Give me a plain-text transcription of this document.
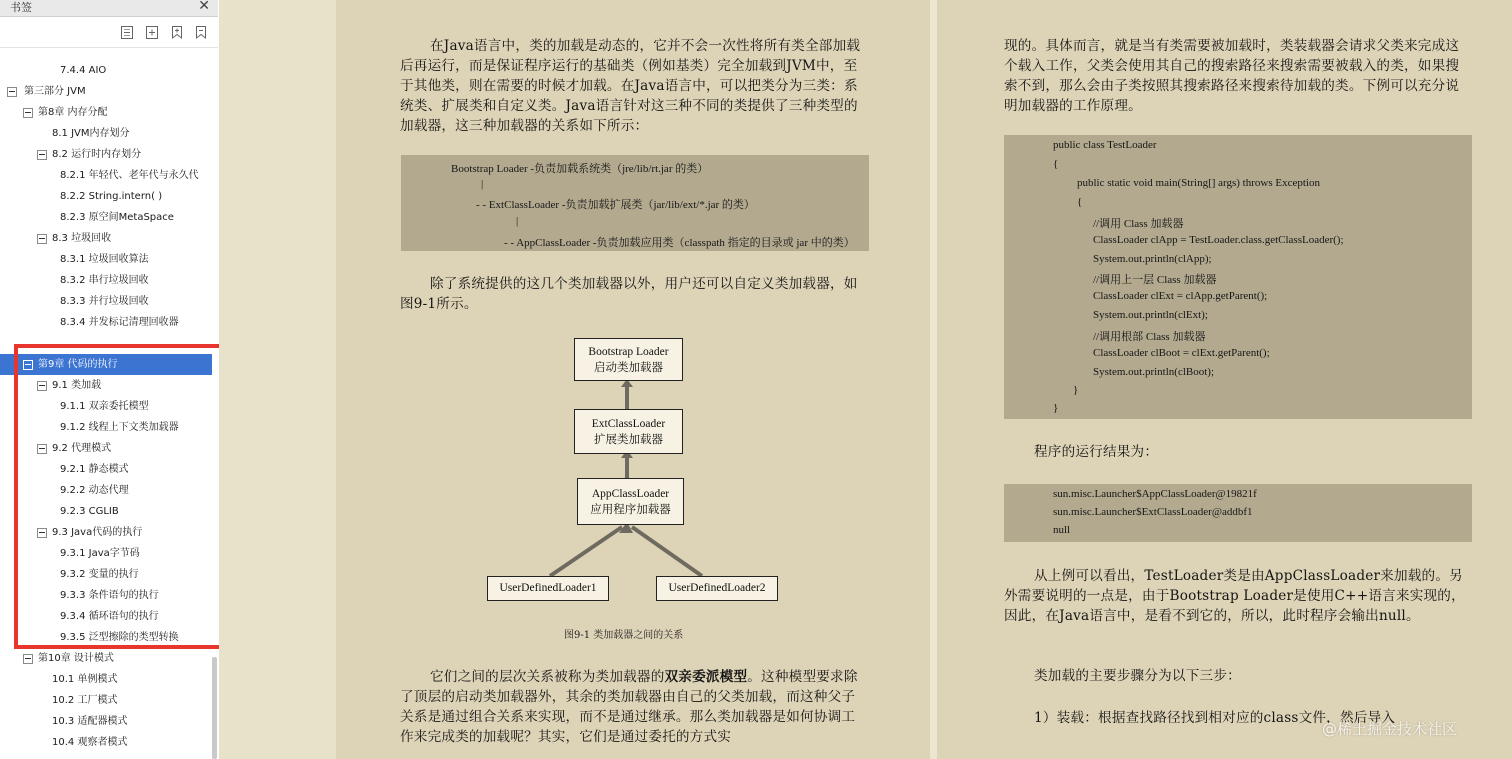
书签	✕
7.4.4 AIO
第三部分 JVM
第8章 内存分配
8.1 JVM内存划分
8.2 运行时内存划分
8.2.1 年轻代、老年代与永久代
8.2.2 String.intern( )
8.2.3 原空间MetaSpace
8.3 垃圾回收
8.3.1 垃圾回收算法
8.3.2 串行垃圾回收
8.3.3 并行垃圾回收
8.3.4 并发标记清理回收器
第9章 代码的执行
9.1 类加载
9.1.1 双亲委托模型
9.1.2 线程上下文类加载器
9.2 代理模式
9.2.1 静态模式
9.2.2 动态代理
9.2.3 CGLIB
9.3 Java代码的执行
9.3.1 Java字节码
9.3.2 变量的执行
9.3.3 条件语句的执行
9.3.4 循环语句的执行
9.3.5 泛型擦除的类型转换
第10章 设计模式
10.1 单例模式
10.2 工厂模式
10.3 适配器模式
10.4 观察者模式
在Java语言中，类的加载是动态的，它并不会一次性将所有类全部加载后再运行，而是保证程序运行的基础类（例如基类）完全加载到JVM中，至于其他类，则在需要的时候才加载。在Java语言中，可以把类分为三类：系统类、扩展类和自定义类。Java语言针对这三种不同的类提供了三种类型的加载器，这三种加载器的关系如下所示：
Bootstrap Loader -负责加载系统类（jre/lib/rt.jar 的类）
|
- - ExtClassLoader -负责加载扩展类（jar/lib/ext/*.jar 的类）
|
- - AppClassLoader -负责加载应用类（classpath 指定的目录或 jar 中的类）
除了系统提供的这几个类加载器以外，用户还可以自定义类加载器，如图9-1所示。
Bootstrap Loader
启动类加载器
ExtClassLoader
扩展类加载器
AppClassLoader
应用程序加载器
UserDefinedLoader1	UserDefinedLoader2
图9-1 类加载器之间的关系
它们之间的层次关系被称为类加载器的双亲委派模型。这种模型要求除了顶层的启动类加载器外，其余的类加载器由自己的父类加载，而这种父子关系是通过组合关系来实现，而不是通过继承。那么类加载器是如何协调工作来完成类的加载呢？其实，它们是通过委托的方式实
现的。具体而言，就是当有类需要被加载时，类装载器会请求父类来完成这个载入工作，父类会使用其自己的搜索路径来搜索需要被载入的类，如果搜索不到，那么会由子类按照其搜索路径来搜索待加载的类。下例可以充分说明加载器的工作原理。
public class TestLoader
{
public static void main(String[] args) throws Exception
{
//调用 Class 加载器
ClassLoader clApp = TestLoader.class.getClassLoader();
System.out.println(clApp);
//调用上一层 Class 加载器
ClassLoader clExt = clApp.getParent();
System.out.println(clExt);
//调用根部 Class 加载器
ClassLoader clBoot = clExt.getParent();
System.out.println(clBoot);
}
}
程序的运行结果为：
sun.misc.Launcher$AppClassLoader@19821f
sun.misc.Launcher$ExtClassLoader@addbf1
null
从上例可以看出，TestLoader类是由AppClassLoader来加载的。另外需要说明的一点是，由于Bootstrap Loader是使用C++语言来实现的，因此，在Java语言中，是看不到它的，所以，此时程序会输出null。
类加载的主要步骤分为以下三步：
1）装载：根据查找路径找到相对应的class文件，然后导入
@稀土掘金技术社区
